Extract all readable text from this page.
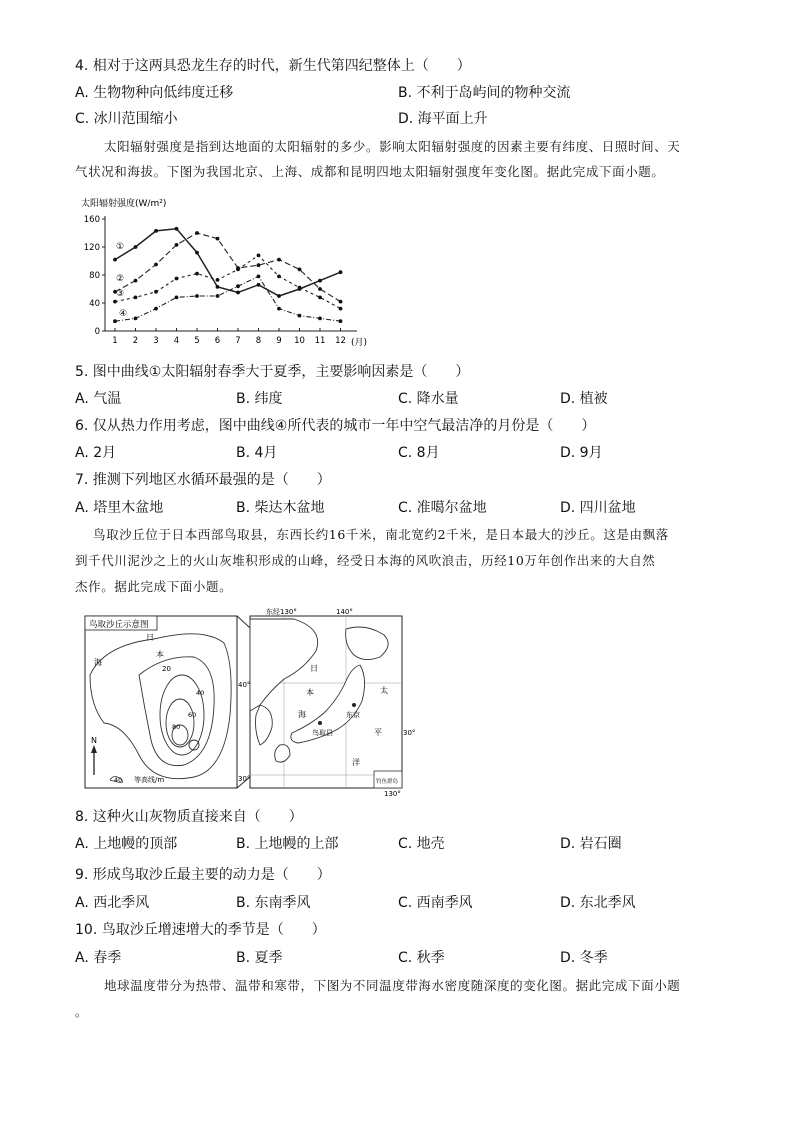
4. 相对于这两具恐龙生存的时代，新生代第四纪整体上（　　）
A. 生物物种向低纬度迁移	B. 不利于岛屿间的物种交流
C. 冰川范围缩小	D. 海平面上升
太阳辐射强度是指到达地面的太阳辐射的多少。影响太阳辐射强度的因素主要有纬度、日照时间、天
气状况和海拔。下图为我国北京、上海、成都和昆明四地太阳辐射强度年变化图。据此完成下面小题。
太阳辐射强度(W/m²)
0
40
80
120
160
1 2 3 4 5 6 7 8 9 10 11 12
①
②
③
④
(月)
5. 图中曲线①太阳辐射春季大于夏季，主要影响因素是（　　）
A. 气温	B. 纬度	C. 降水量	D. 植被
6. 仅从热力作用考虑，图中曲线④所代表的城市一年中空气最洁净的月份是（　　）
A. 2月	B. 4月	C. 8月	D. 9月
7. 推测下列地区水循环最强的是（　　）
A. 塔里木盆地	B. 柴达木盆地	C. 准噶尔盆地	D. 四川盆地
鸟取沙丘位于日本西部鸟取县，东西长约16千米，南北宽约2千米，是日本最大的沙丘。这是由飘落
到千代川泥沙之上的火山灰堆积形成的山峰，经受日本海的风吹浪击，历经10万年创作出来的大自然
杰作。据此完成下面小题。
鸟取沙丘示意图
海
日
本
20
40
60
80
N
40 等高线/m
东经130°	140°
130°
40°
30°
30°
日
本
海
太
平
洋
东京
鸟取县
钓鱼群岛
8. 这种火山灰物质直接来自（　　）
A. 上地幔的顶部	B. 上地幔的上部	C. 地壳	D. 岩石圈
9. 形成鸟取沙丘最主要的动力是（　　）
A. 西北季风	B. 东南季风	C. 西南季风	D. 东北季风
10. 鸟取沙丘增速增大的季节是（　　）
A. 春季	B. 夏季	C. 秋季	D. 冬季
地球温度带分为热带、温带和寒带，下图为不同温度带海水密度随深度的变化图。据此完成下面小题
。
